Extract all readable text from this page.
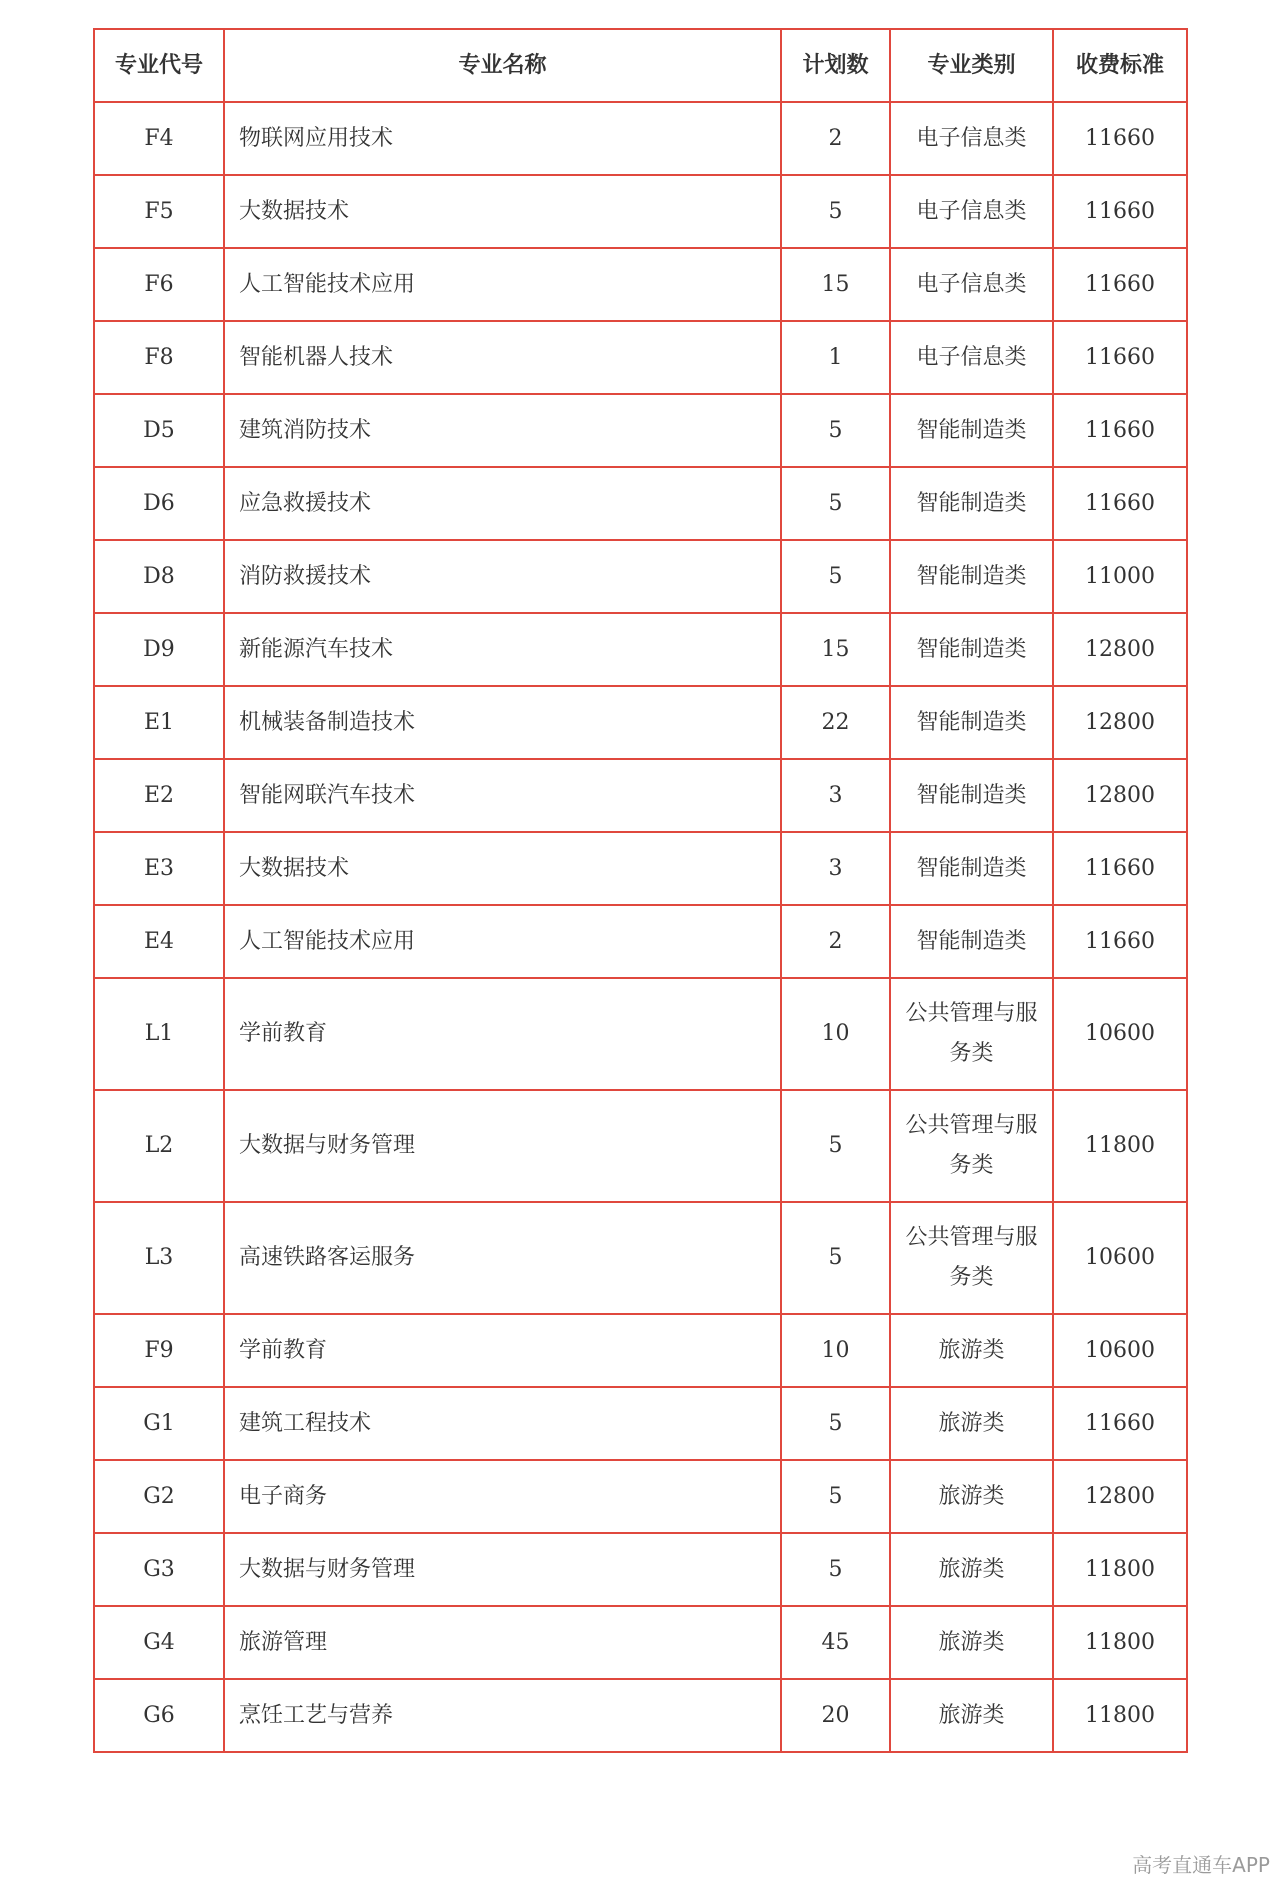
专业代号	专业名称	计划数	专业类别	收费标准
F4	物联网应用技术	2	电子信息类	11660
F5	大数据技术	5	电子信息类	11660
F6	人工智能技术应用	15	电子信息类	11660
F8	智能机器人技术	1	电子信息类	11660
D5	建筑消防技术	5	智能制造类	11660
D6	应急救援技术	5	智能制造类	11660
D8	消防救援技术	5	智能制造类	11000
D9	新能源汽车技术	15	智能制造类	12800
E1	机械装备制造技术	22	智能制造类	12800
E2	智能网联汽车技术	3	智能制造类	12800
E3	大数据技术	3	智能制造类	11660
E4	人工智能技术应用	2	智能制造类	11660
L1	学前教育	10	公共管理与服务类	10600
L2	大数据与财务管理	5	公共管理与服务类	11800
L3	高速铁路客运服务	5	公共管理与服务类	10600
F9	学前教育	10	旅游类	10600
G1	建筑工程技术	5	旅游类	11660
G2	电子商务	5	旅游类	12800
G3	大数据与财务管理	5	旅游类	11800
G4	旅游管理	45	旅游类	11800
G6	烹饪工艺与营养	20	旅游类	11800
高考直通车APP
